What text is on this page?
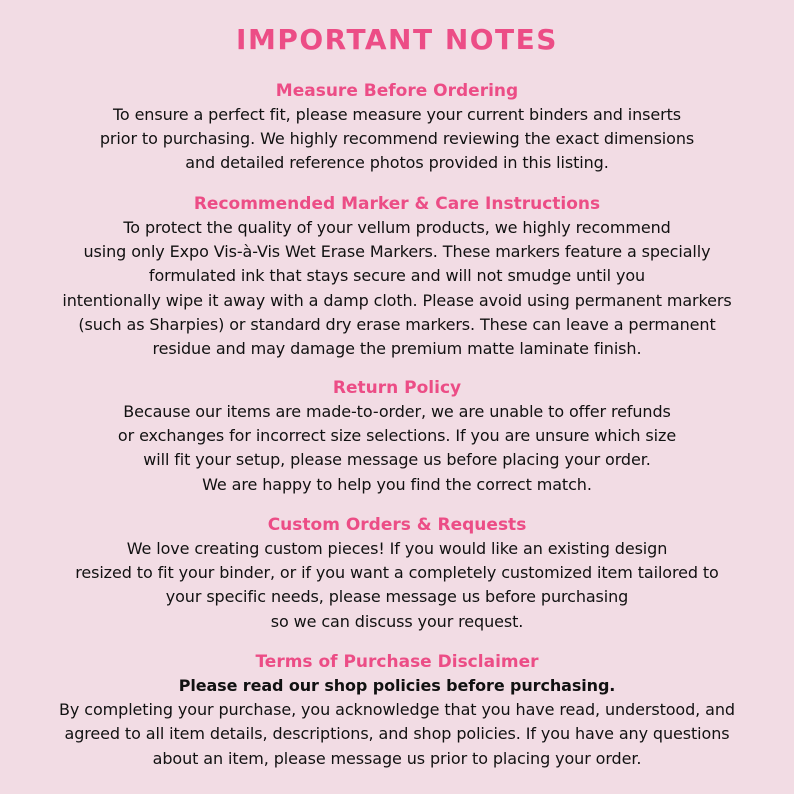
IMPORTANT NOTES
Measure Before Ordering
To ensure a perfect fit, please measure your current binders and inserts
prior to purchasing. We highly recommend reviewing the exact dimensions
and detailed reference photos provided in this listing.
Recommended Marker & Care Instructions
To protect the quality of your vellum products, we highly recommend
using only Expo Vis-à-Vis Wet Erase Markers. These markers feature a specially
formulated ink that stays secure and will not smudge until you
intentionally wipe it away with a damp cloth. Please avoid using permanent markers
(such as Sharpies) or standard dry erase markers. These can leave a permanent
residue and may damage the premium matte laminate finish.
Return Policy
Because our items are made-to-order, we are unable to offer refunds
or exchanges for incorrect size selections. If you are unsure which size
will fit your setup, please message us before placing your order.
We are happy to help you find the correct match.
Custom Orders & Requests
We love creating custom pieces! If you would like an existing design
resized to fit your binder, or if you want a completely customized item tailored to
your specific needs, please message us before purchasing
so we can discuss your request.
Terms of Purchase Disclaimer
Please read our shop policies before purchasing.
By completing your purchase, you acknowledge that you have read, understood, and
agreed to all item details, descriptions, and shop policies. If you have any questions
about an item, please message us prior to placing your order.
